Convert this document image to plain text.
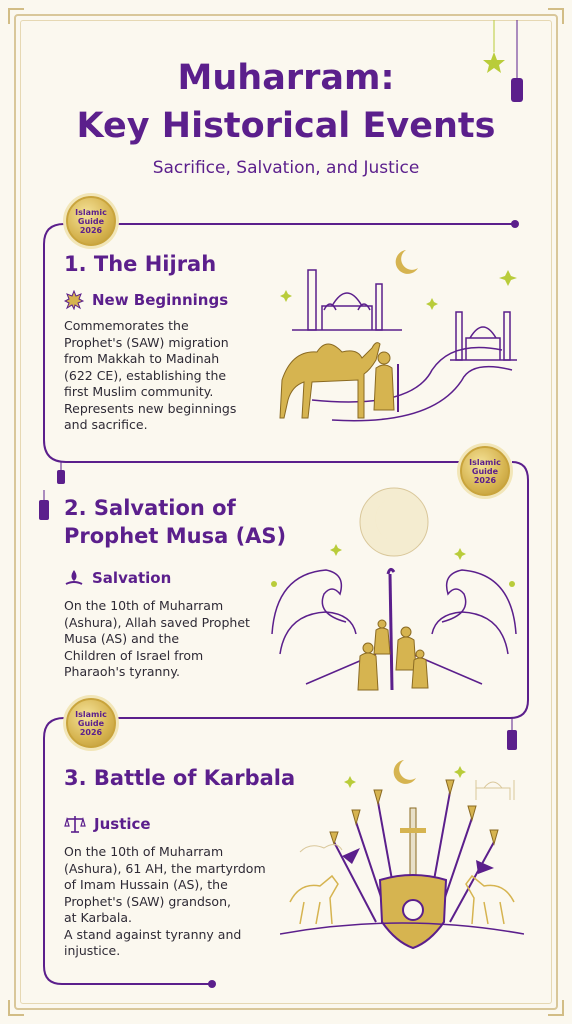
Muharram:
Key Historical Events
Sacrifice, Salvation, and Justice
Islamic
Guide
2026
Islamic
Guide
2026
Islamic
Guide
2026
1. The Hijrah
New Beginnings
Commemorates the
Prophet's (SAW) migration
from Makkah to Madinah
(622 CE), establishing the
first Muslim community.
Represents new beginnings
and sacrifice.
2. Salvation of
Prophet Musa (AS)
Salvation
On the 10th of Muharram
(Ashura), Allah saved Prophet
Musa (AS) and the
Children of Israel from
Pharaoh's tyranny.
3. Battle of Karbala
Justice
On the 10th of Muharram
(Ashura), 61 AH, the martyrdom
of Imam Hussain (AS), the
Prophet's (SAW) grandson,
at Karbala.
A stand against tyranny and
injustice.
